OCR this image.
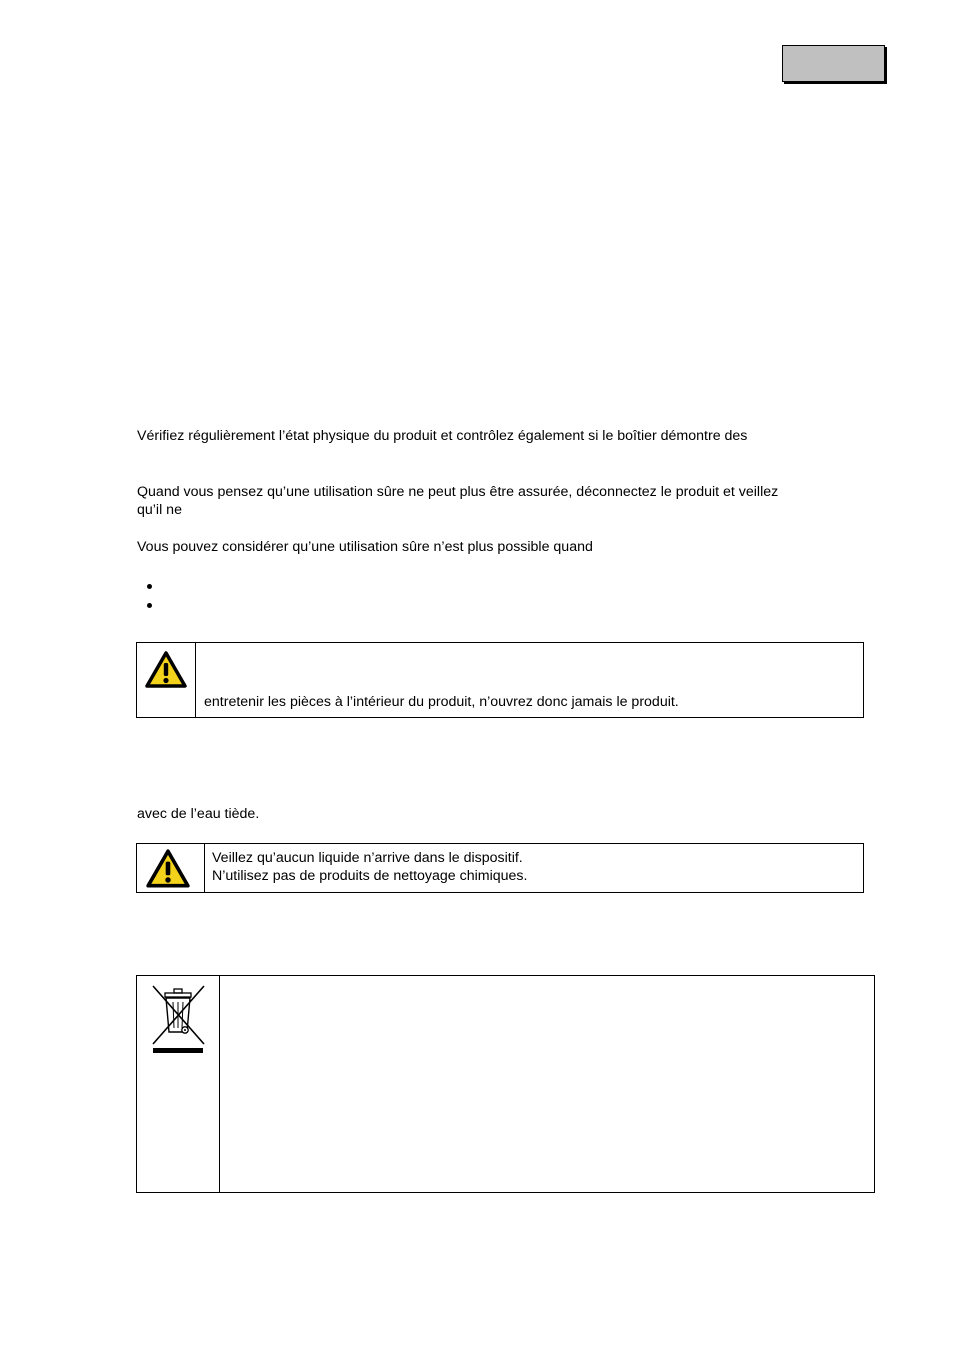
Vérifiez régulièrement l’état physique du produit et contrôlez également si le boîtier démontre des
Quand vous pensez qu’une utilisation sûre ne peut plus être assurée, déconnectez le produit et veillez
qu’il ne
Vous pouvez considérer qu’une utilisation sûre n’est plus possible quand
entretenir les pièces à l’intérieur du produit, n’ouvrez donc jamais le produit.
avec de l’eau tiède.
Veillez qu’aucun liquide n’arrive dans le dispositif.
N’utilisez pas de produits de nettoyage chimiques.
